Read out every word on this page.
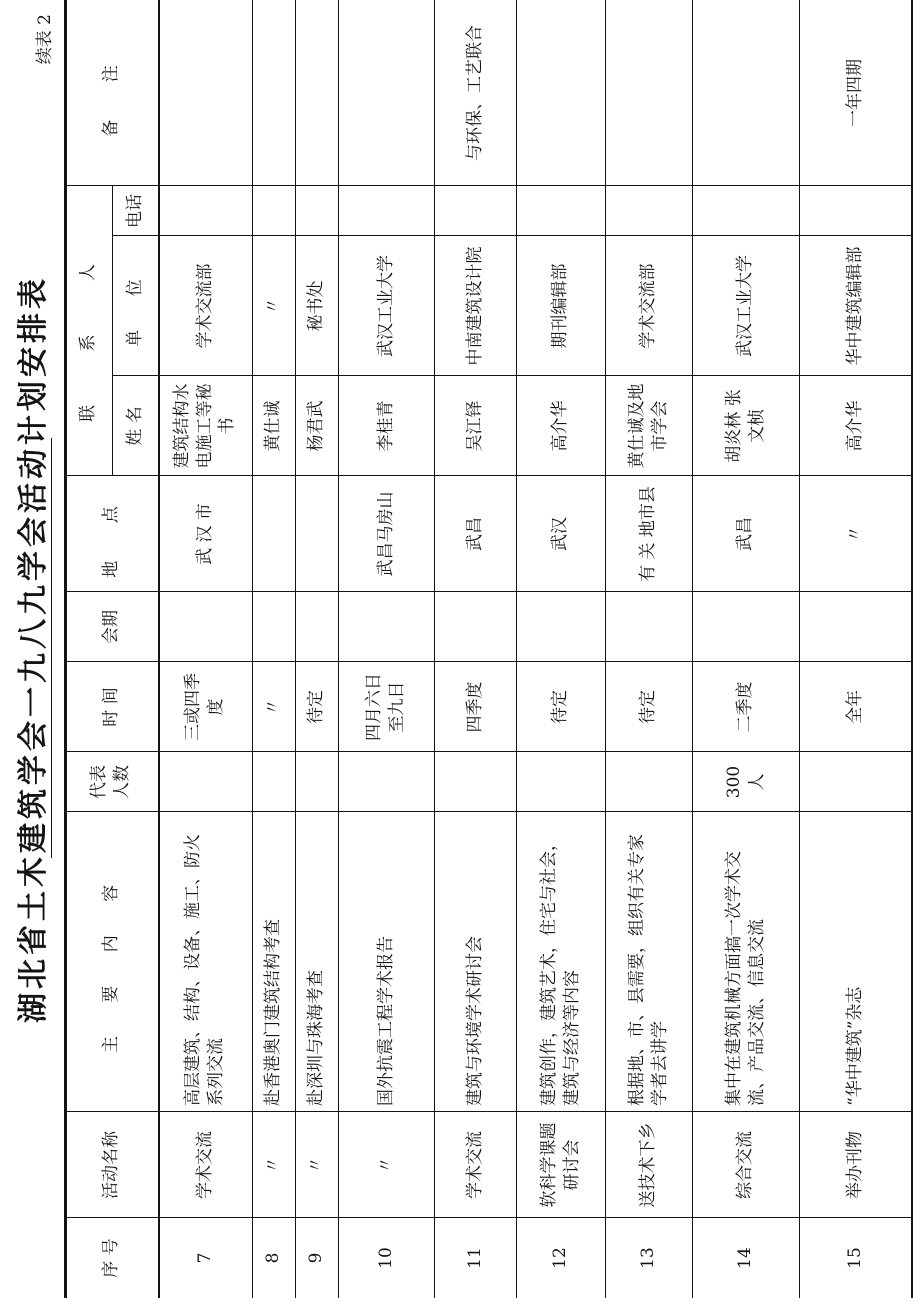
湖北省土木建筑学会一九八九学会活动计划安排表
续表 2
序 号
活动名称
主 要 内 容
代表 人数
时 间
会期
地 点
联 系 人
姓 名
单 位
电话
备 注
7
学术交流
高层建筑、结构、设备、施工、防火系列交流
三或四季度
武 汉 市
建筑结构水电施工等秘书
学术交流部
8
〃
赴香港奥门建筑结构考查
〃
黄仕诚
〃
9
〃
赴深圳与珠海考查
待定
杨君武
秘书处
10
〃
国外抗震工程学术报告
四月六日至九日
武昌马房山
李桂青
武汉工业大学
11
学术交流
建筑与环境学术研讨会
四季度
武昌
吴江铎
中南建筑设计院
与环保、工艺联合
12
软科学课题研讨会
建筑创作，建筑艺术，住宅与社会，建筑与经济等内容
待定
武汉
高介华
期刊编辑部
13
送技术下乡
根据地、市、县需要，组织有关专家学者去讲学
待定
有 关 地市县
黄仕诚及地市学会
学术交流部
14
综合交流
集中在建筑机械方面搞一次学术交流、产品交流、信息交流
300人
二季度
武昌
胡炎林 张文桢
武汉工业大学
15
举办刊物
“华中建筑”杂志
全年
〃
高介华
华中建筑编辑部
一年四期
